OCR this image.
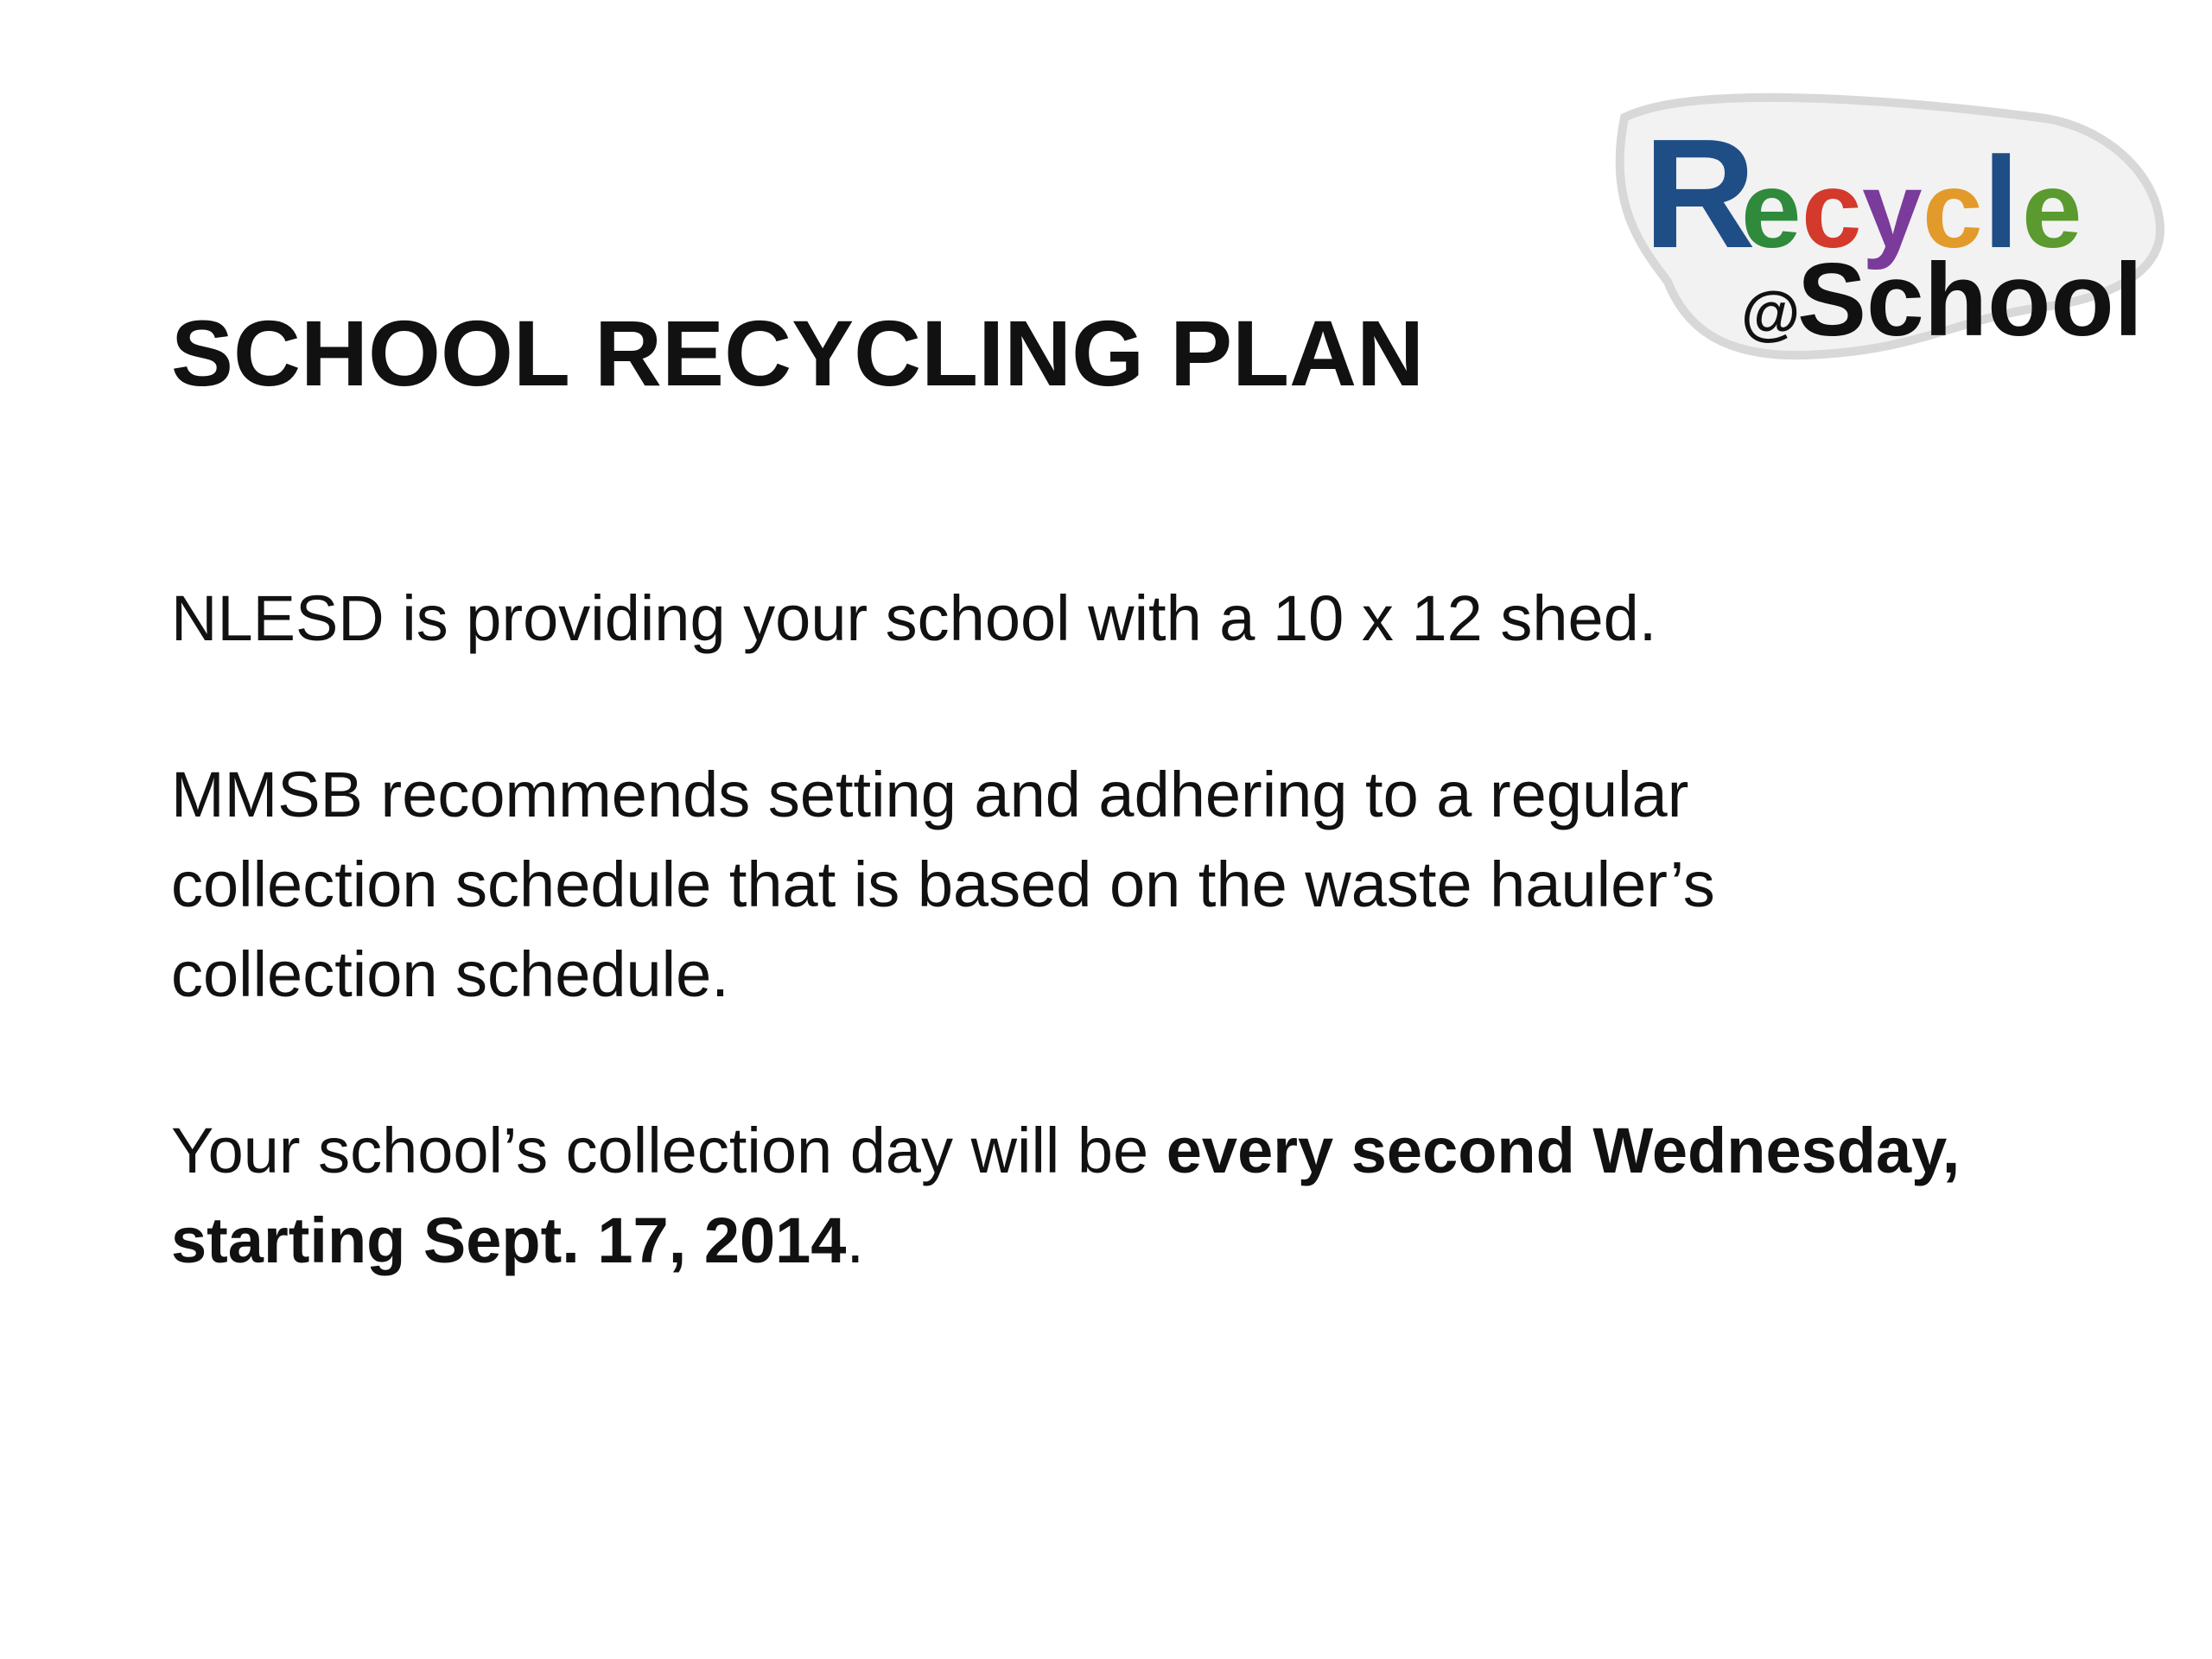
R
e c y c l e
@
School
SCHOOL RECYCLING PLAN

NLESD is providing your school with a 10 x 12 shed.

MMSB recommends setting and adhering to a regular
collection schedule that is based on the waste hauler’s
collection schedule.

Your school’s collection day will be every second Wednesday,
starting Sept. 17, 2014.
